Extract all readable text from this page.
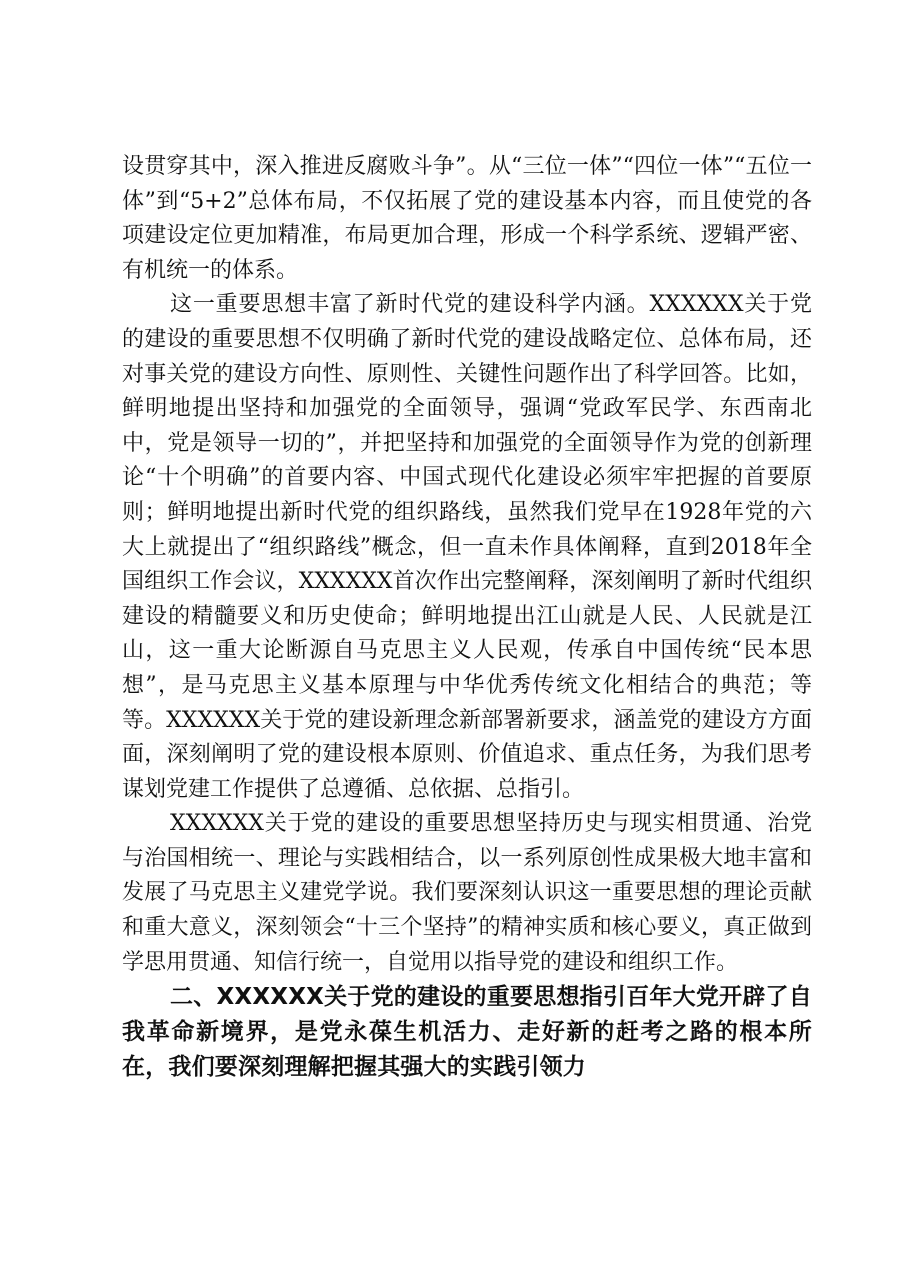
设贯穿其中，深入推进反腐败斗争”。从“三位一体”“四位一体”“五位一体”到“5+2”总体布局，不仅拓展了党的建设基本内容，而且使党的各项建设定位更加精准，布局更加合理，形成一个科学系统、逻辑严密、有机统一的体系。

这一重要思想丰富了新时代党的建设科学内涵。XXXXXX关于党的建设的重要思想不仅明确了新时代党的建设战略定位、总体布局，还对事关党的建设方向性、原则性、关键性问题作出了科学回答。比如，鲜明地提出坚持和加强党的全面领导，强调“党政军民学、东西南北中，党是领导一切的”，并把坚持和加强党的全面领导作为党的创新理论“十个明确”的首要内容、中国式现代化建设必须牢牢把握的首要原则；鲜明地提出新时代党的组织路线，虽然我们党早在1928年党的六大上就提出了“组织路线”概念，但一直未作具体阐释，直到2018年全国组织工作会议，XXXXXX首次作出完整阐释，深刻阐明了新时代组织建设的精髓要义和历史使命；鲜明地提出江山就是人民、人民就是江山，这一重大论断源自马克思主义人民观，传承自中国传统“民本思想”，是马克思主义基本原理与中华优秀传统文化相结合的典范；等等。XXXXXX关于党的建设新理念新部署新要求，涵盖党的建设方方面面，深刻阐明了党的建设根本原则、价值追求、重点任务，为我们思考谋划党建工作提供了总遵循、总依据、总指引。

XXXXXX关于党的建设的重要思想坚持历史与现实相贯通、治党与治国相统一、理论与实践相结合，以一系列原创性成果极大地丰富和发展了马克思主义建党学说。我们要深刻认识这一重要思想的理论贡献和重大意义，深刻领会“十三个坚持”的精神实质和核心要义，真正做到学思用贯通、知信行统一，自觉用以指导党的建设和组织工作。

二、XXXXXX关于党的建设的重要思想指引百年大党开辟了自我革命新境界，是党永葆生机活力、走好新的赶考之路的根本所在，我们要深刻理解把握其强大的实践引领力
